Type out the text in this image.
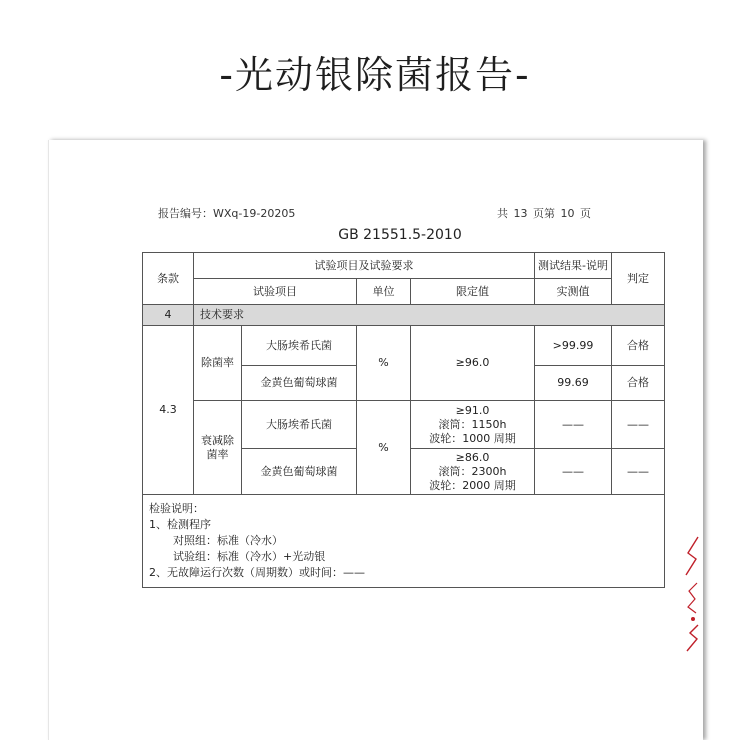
-光动银除菌报告-
报告编号：WXq-19-20205	共 13 页第 10 页
GB 21551.5-2010
条款	试验项目及试验要求				测试结果-说明	判定
	试验项目		单位	限定值	实测值	
4	技术要求					
4.3	除菌率	大肠埃希氏菌	%	≥96.0	>99.99	合格
		金黄色葡萄球菌			99.69	合格
	衰减除菌率	大肠埃希氏菌	%	≥91.0
滚筒：1150h
波轮：1000 周期	——	——
		金黄色葡萄球菌		≥86.0
滚筒：2300h
波轮：2000 周期	——	——

检验说明：
1、检测程序
对照组：标准（冷水）
试验组：标准（冷水）+光动银
2、无故障运行次数（周期数）或时间：——						
